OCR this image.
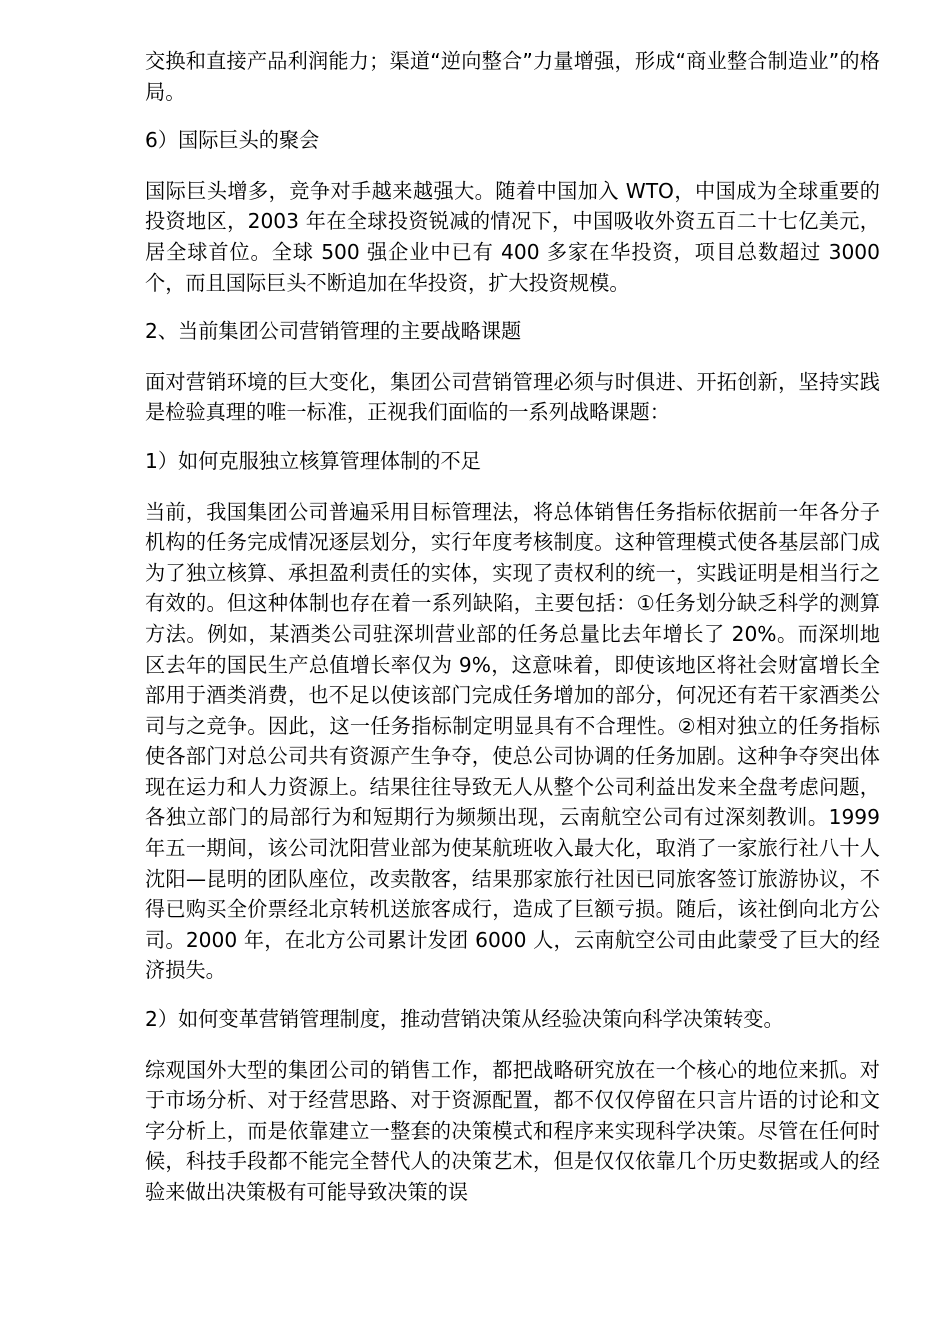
交换和直接产品利润能力；渠道“逆向整合”力量增强，形成“商业整合制造业”的格局。

6）国际巨头的聚会

国际巨头增多，竞争对手越来越强大。随着中国加入 WTO，中国成为全球重要的投资地区，2003 年在全球投资锐减的情况下，中国吸收外资五百二十七亿美元，居全球首位。全球 500 强企业中已有 400 多家在华投资，项目总数超过 3000 个，而且国际巨头不断追加在华投资，扩大投资规模。

2、当前集团公司营销管理的主要战略课题

面对营销环境的巨大变化，集团公司营销管理必须与时俱进、开拓创新，坚持实践是检验真理的唯一标准，正视我们面临的一系列战略课题：

1）如何克服独立核算管理体制的不足

当前，我国集团公司普遍采用目标管理法，将总体销售任务指标依据前一年各分子机构的任务完成情况逐层划分，实行年度考核制度。这种管理模式使各基层部门成为了独立核算、承担盈利责任的实体，实现了责权利的统一，实践证明是相当行之有效的。但这种体制也存在着一系列缺陷，主要包括：①任务划分缺乏科学的测算方法。例如，某酒类公司驻深圳营业部的任务总量比去年增长了 20%。而深圳地区去年的国民生产总值增长率仅为 9%，这意味着，即使该地区将社会财富增长全部用于酒类消费，也不足以使该部门完成任务增加的部分，何况还有若干家酒类公司与之竞争。因此，这一任务指标制定明显具有不合理性。②相对独立的任务指标使各部门对总公司共有资源产生争夺，使总公司协调的任务加剧。这种争夺突出体现在运力和人力资源上。结果往往导致无人从整个公司利益出发来全盘考虑问题，各独立部门的局部行为和短期行为频频出现，云南航空公司有过深刻教训。1999 年五一期间，该公司沈阳营业部为使某航班收入最大化，取消了一家旅行社八十人沈阳—昆明的团队座位，改卖散客，结果那家旅行社因已同旅客签订旅游协议，不得已购买全价票经北京转机送旅客成行，造成了巨额亏损。随后，该社倒向北方公司。2000 年，在北方公司累计发团 6000 人，云南航空公司由此蒙受了巨大的经济损失。

2）如何变革营销管理制度，推动营销决策从经验决策向科学决策转变。

综观国外大型的集团公司的销售工作，都把战略研究放在一个核心的地位来抓。对于市场分析、对于经营思路、对于资源配置，都不仅仅停留在只言片语的讨论和文字分析上，而是依靠建立一整套的决策模式和程序来实现科学决策。尽管在任何时候，科技手段都不能完全替代人的决策艺术，但是仅仅依靠几个历史数据或人的经验来做出决策极有可能导致决策的误
